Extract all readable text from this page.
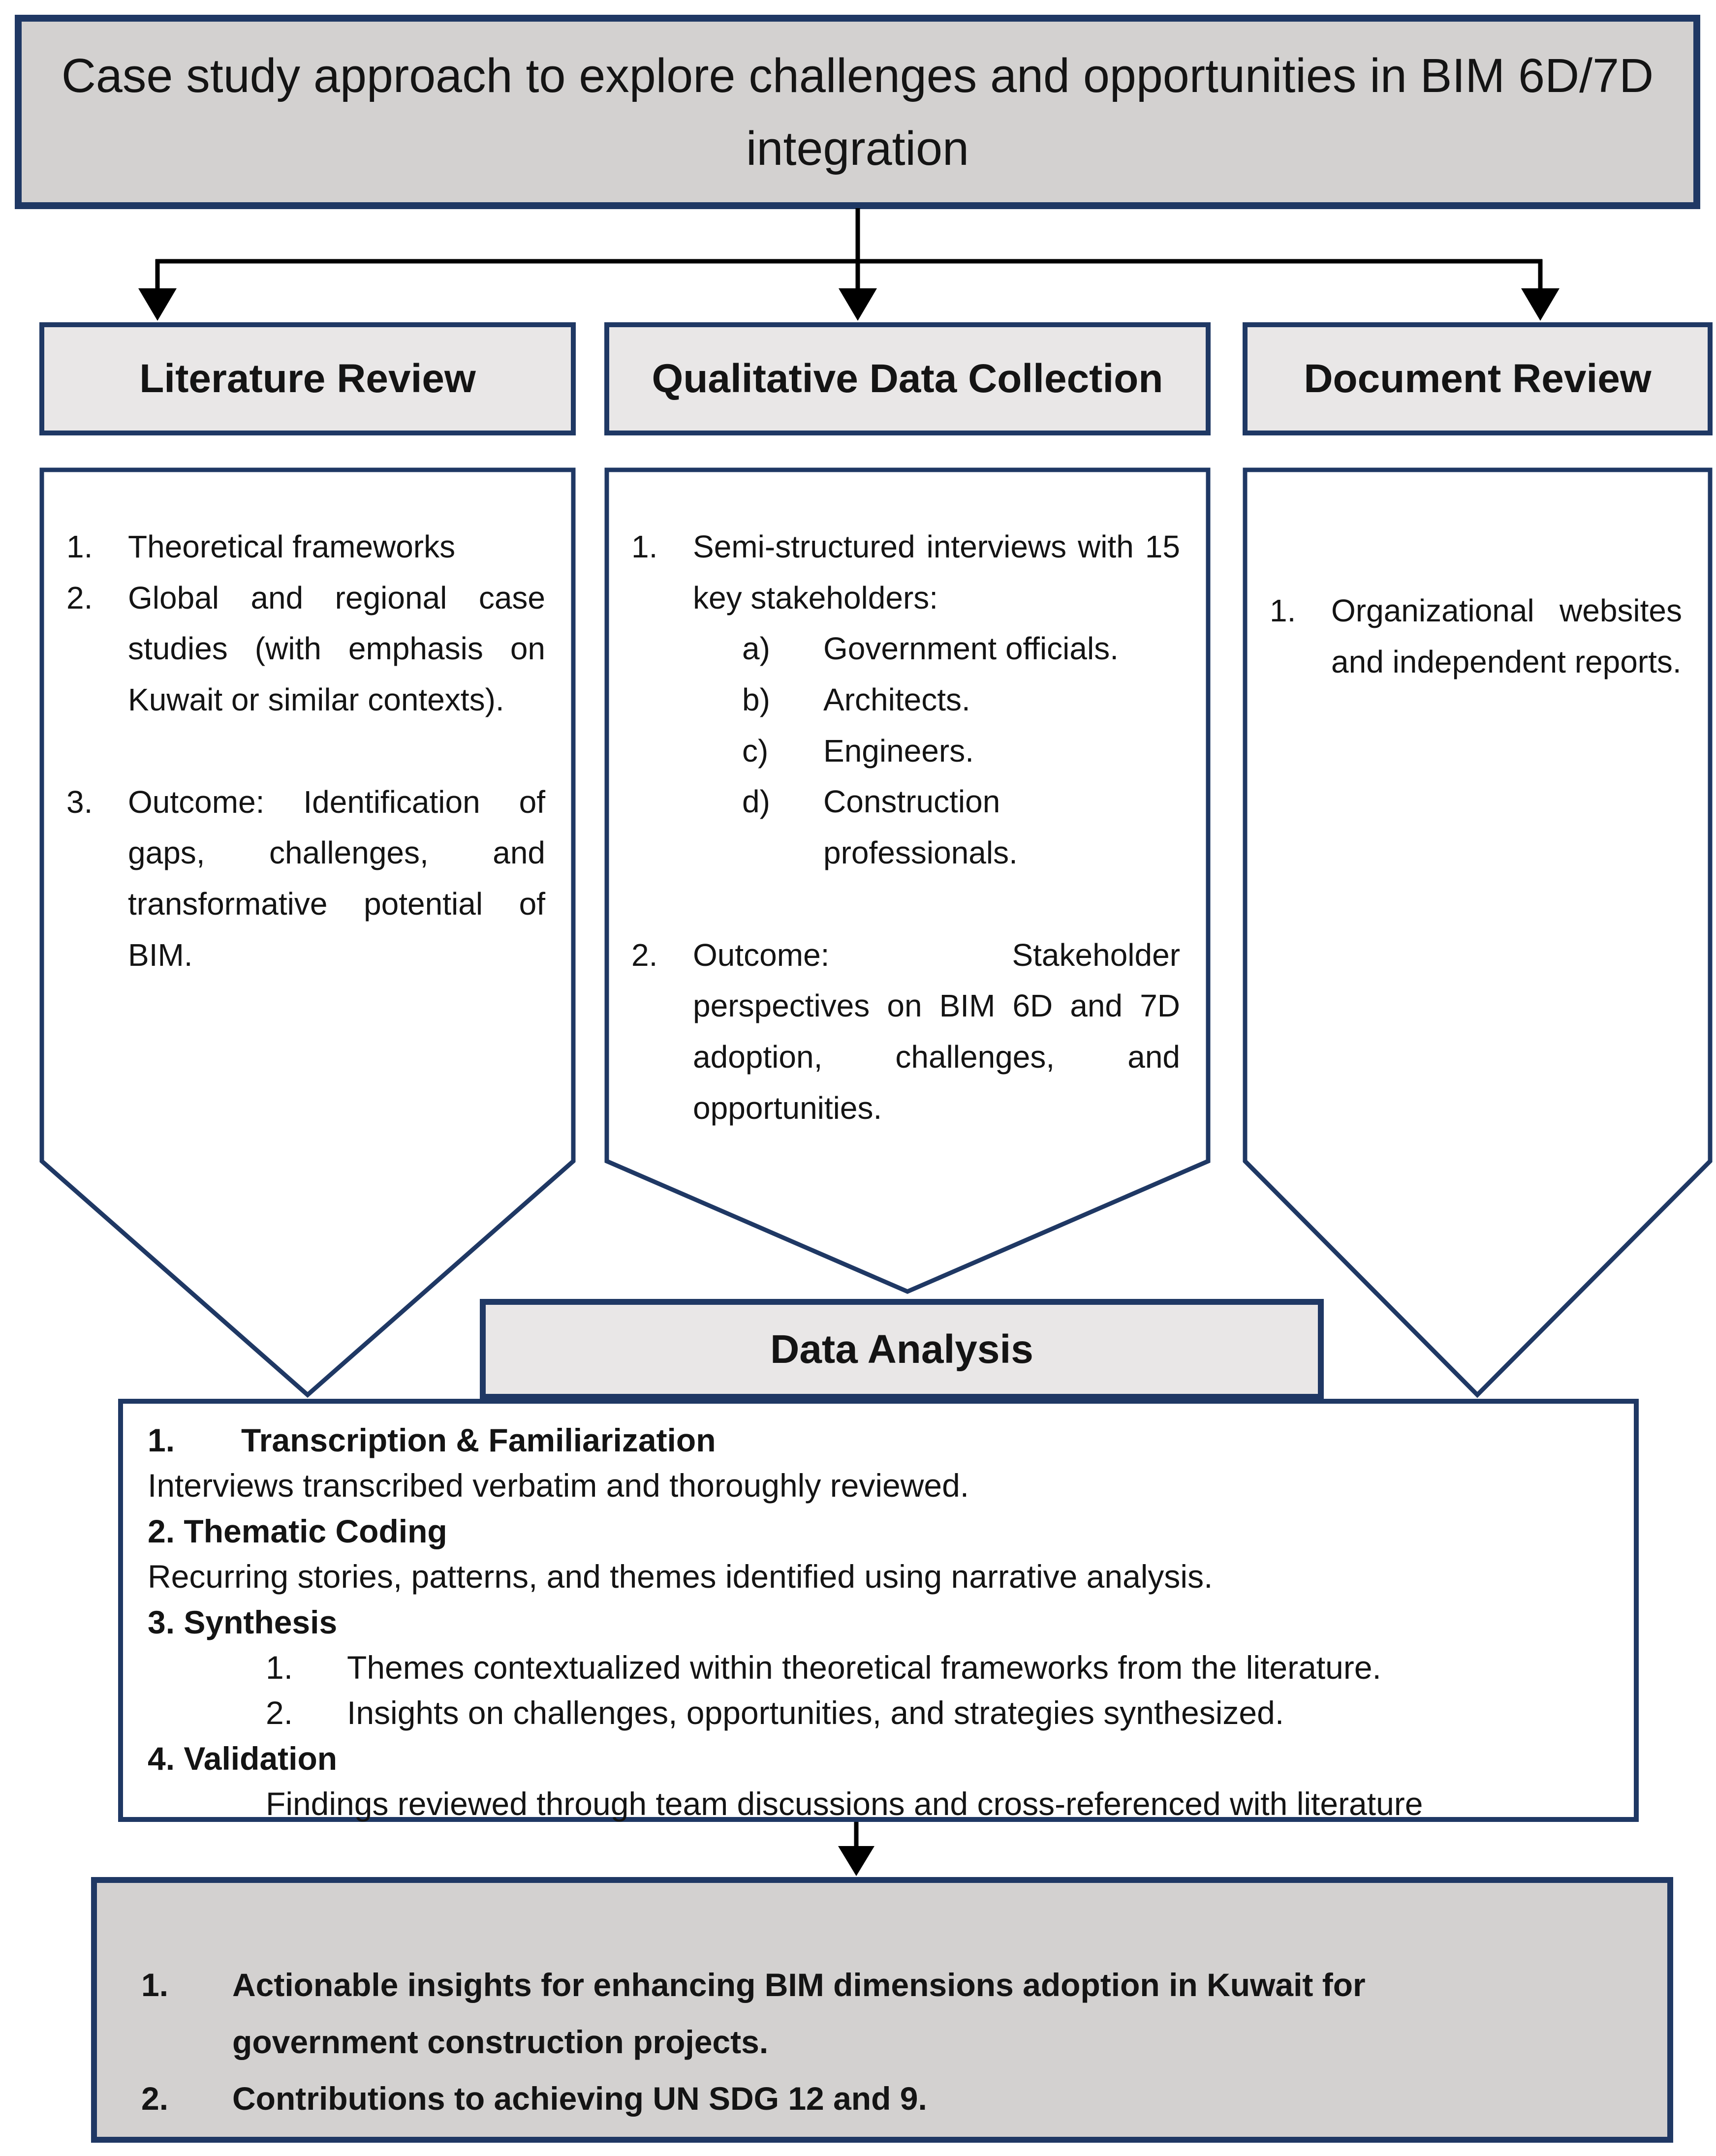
Case study approach to explore challenges and opportunities in BIM 6D/7D
integration
Literature Review	Qualitative Data Collection	Document Review
1.	Theoretical frameworks
2.	Global and regional case studies (with emphasis on Kuwait or similar contexts).
3.	Outcome: Identification of gaps, challenges, and transformative potential of BIM.
1.	Semi-structured interviews with 15 key stakeholders:
a)	Government officials.
b)	Architects.
c)	Engineers.
d)	Construction professionals.
2.	Outcome: Stakeholder perspectives on BIM 6D and 7D adoption, challenges, and opportunities.
1.	Organizational websites and independent reports.
1.	Transcription & Familiarization
Interviews transcribed verbatim and thoroughly reviewed.
2. Thematic Coding
Recurring stories, patterns, and themes identified using narrative analysis.
3. Synthesis
1.	Themes contextualized within theoretical frameworks from the literature.
2.	Insights on challenges, opportunities, and strategies synthesized.
4. Validation
Findings reviewed through team discussions and cross-referenced with literature
Data Analysis
1.	Actionable insights for enhancing BIM dimensions adoption in Kuwait for government construction projects.
2.	Contributions to achieving UN SDG 12 and 9.
